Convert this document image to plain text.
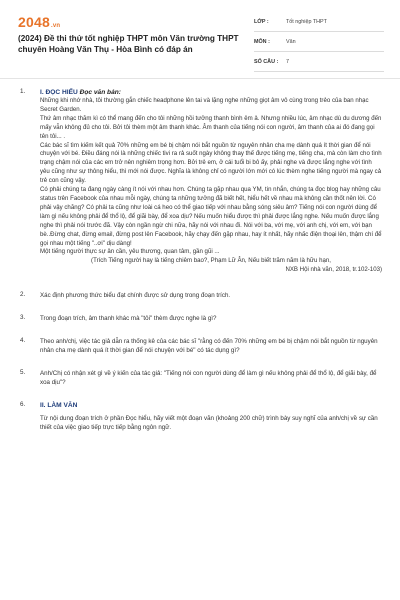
2048.vn
(2024) Đề thi thử tốt nghiệp THPT môn Văn trường THPT chuyên Hoàng Văn Thụ - Hòa Bình có đáp án
LỚP :	Tốt nghiệp THPT
MÔN :	Văn
SỐ CÂU :	7
1. I. ĐỌC HIỂU Đọc văn bản:

Những khi nhớ nhà, tôi thường gắn chiếc headphone lên tai và lặng nghe những giọt âm vô cùng trong trẻo của ban nhạc Secret Garden.

Thứ âm nhạc thăm kì có thể mang đến cho tôi những hồi tưởng thanh bình êm ả. Nhưng nhiều lúc, âm nhạc dù du dương đến mấy vẫn không đủ cho tôi. Bởi tôi thèm một âm thanh khác. Âm thanh của tiếng nói con người, âm thanh của ai đó đang gọi tên tôi... .

Các bác sĩ tìm kiếm kết quả 70% những em bé bị chậm nói bắt nguồn từ nguyên nhân cha mẹ dành quá ít thời gian để nói chuyện với bé. Điều đáng nói là những chiếc tivi ra rả suốt ngày không thay thế được tiếng mẹ, tiếng cha, mà còn làm cho tình trạng chậm nói của các em trở nên nghiêm trọng hơn. Bởi trẻ em, ở cái tuổi bi bô ấy, phải nghe và được lắng nghe với tình yêu cũng như sự thông hiểu, thì mới nói được. Nghĩa là không chỉ có người lớn mới có lúc thèm nghe tiếng người mà ngay cả trẻ con cũng vậy.

Có phải chúng ta đang ngày càng ít nói với nhau hơn. Chúng ta gặp nhau qua YM, tin nhắn, chúng ta đọc blog hay những câu status trên Facebook của nhau mỗi ngày, chúng ta những tưởng đã biết hết, hiểu hết về nhau mà không cần thốt nên lời. Có phải vậy chăng? Có phải ta cũng như loài cá heo có thể giao tiếp với nhau bằng sóng siêu âm? Tiếng nói con người dùng để làm gì nếu không phải để thổ lộ, để giãi bày, để xoa dịu? Nếu muốn hiểu được thì phải được lắng nghe. Nếu muốn được lắng nghe thì phải nói trước đã. Vậy còn ngần ngừ chi nữa, hãy nói với nhau đi. Nói với ba, với mẹ, với anh chị, với em, với bạn bè..Đừng chat, đừng email, đừng post lên Facebook, hãy chạy đến gặp nhau, hay ít nhất, hãy nhấc điện thoại lên, thậm chí để gọi nhau một tiếng "..ơi" dịu dàng!

Một tiếng người thực sự ân cần, yêu thương, quan tâm, gần gũi ...

(Trích Tiếng người hay là tiếng chiêm bao?, Phạm Lữ Ân, Nếu biết trăm năm là hữu hạn,
NXB Hội nhà văn, 2018, tr.102-103)
2. Xác định phương thức biểu đạt chính được sử dụng trong đoạn trích.
3. Trong đoạn trích, âm thanh khác mà "tôi" thèm được nghe là gì?
4. Theo anh/chị, việc tác giả dẫn ra thống kê của các bác sĩ "rằng có đến 70% những em bé bị chậm nói bắt nguồn từ nguyên nhân cha mẹ dành quá ít thời gian để nói chuyện với bé" có tác dụng gì?
5. Anh/Chị có nhận xét gì về ý kiến của tác giả: "Tiếng nói con người dùng để làm gì nếu không phải để thổ lộ, để giãi bày, để xoa dịu"?
6. II. LÀM VĂN
Từ nội dung đoạn trích ở phần Đọc hiểu, hãy viết một đoạn văn (khoảng 200 chữ) trình bày suy nghĩ của anh/chị về sự cần thiết của việc giao tiếp trực tiếp bằng ngôn ngữ.
